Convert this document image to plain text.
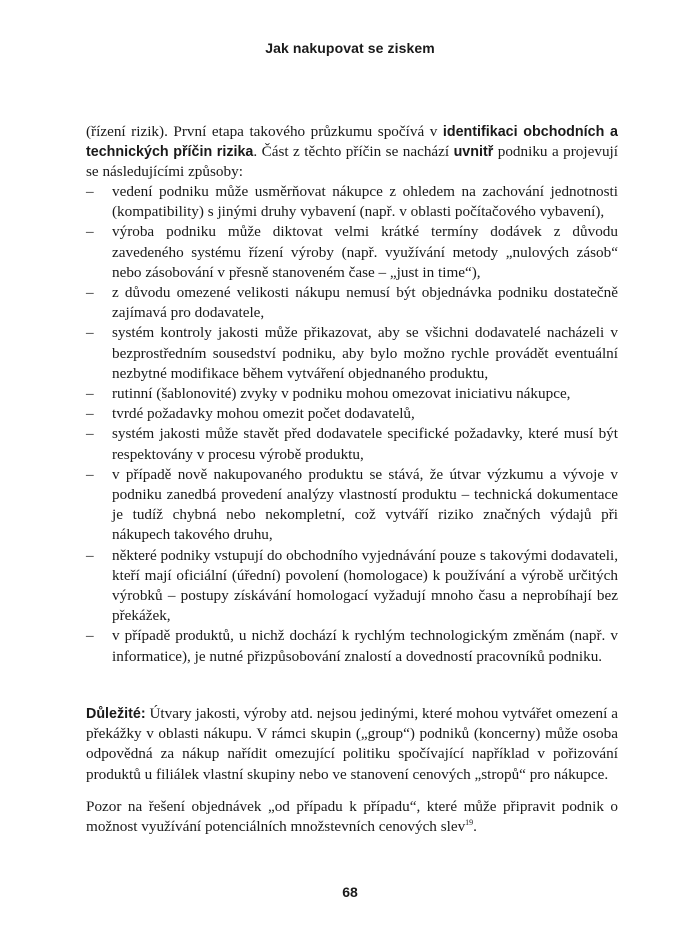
Jak nakupovat se ziskem

(řízení rizik). První etapa takového průzkumu spočívá v identifikaci obchodních a technických příčin rizika. Část z těchto příčin se nachází uvnitř podniku a projevují se následujícími způsoby:

– vedení podniku může usměrňovat nákupce z ohledem na zachování jednotnosti (kompatibility) s jinými druhy vybavení (např. v oblasti počítačového vybavení),
– výroba podniku může diktovat velmi krátké termíny dodávek z důvodu zavedeného systému řízení výroby (např. využívání metody „nulových zásob“ nebo zásobování v přesně stanoveném čase – „just in time“),
– z důvodu omezené velikosti nákupu nemusí být objednávka podniku dostatečně zajímavá pro dodavatele,
– systém kontroly jakosti může přikazovat, aby se všichni dodavatelé nacházeli v bezprostředním sousedství podniku, aby bylo možno rychle provádět eventuální nezbytné modifikace během vytváření objednaného produktu,
– rutinní (šablonovité) zvyky v podniku mohou omezovat iniciativu nákupce,
– tvrdé požadavky mohou omezit počet dodavatelů,
– systém jakosti může stavět před dodavatele specifické požadavky, které musí být respektovány v procesu výrobě produktu,
– v případě nově nakupovaného produktu se stává, že útvar výzkumu a vývoje v podniku zanedbá provedení analýzy vlastností produktu – technická dokumentace je tudíž chybná nebo nekompletní, což vytváří riziko značných výdajů při nákupech takového druhu,
– některé podniky vstupují do obchodního vyjednávání pouze s takovými dodavateli, kteří mají oficiální (úřední) povolení (homologace) k používání a výrobě určitých výrobků – postupy získávání homologací vyžadují mnoho času a neprobíhají bez překážek,
– v případě produktů, u nichž dochází k rychlým technologickým změnám (např. v informatice), je nutné přizpůsobování znalostí a dovedností pracovníků podniku.

Důležité: Útvary jakosti, výroby atd. nejsou jedinými, které mohou vytvářet omezení a překážky v oblasti nákupu. V rámci skupin („group“) podniků (koncerny) může osoba odpovědná za nákup nařídit omezující politiku spočívající například v pořizování produktů u filiálek vlastní skupiny nebo ve stanovení cenových „stropů“ pro nákupce.

Pozor na řešení objednávek „od případu k případu“, které může připravit podnik o možnost využívání potenciálních množstevních cenových slev$^{19}$.

68
